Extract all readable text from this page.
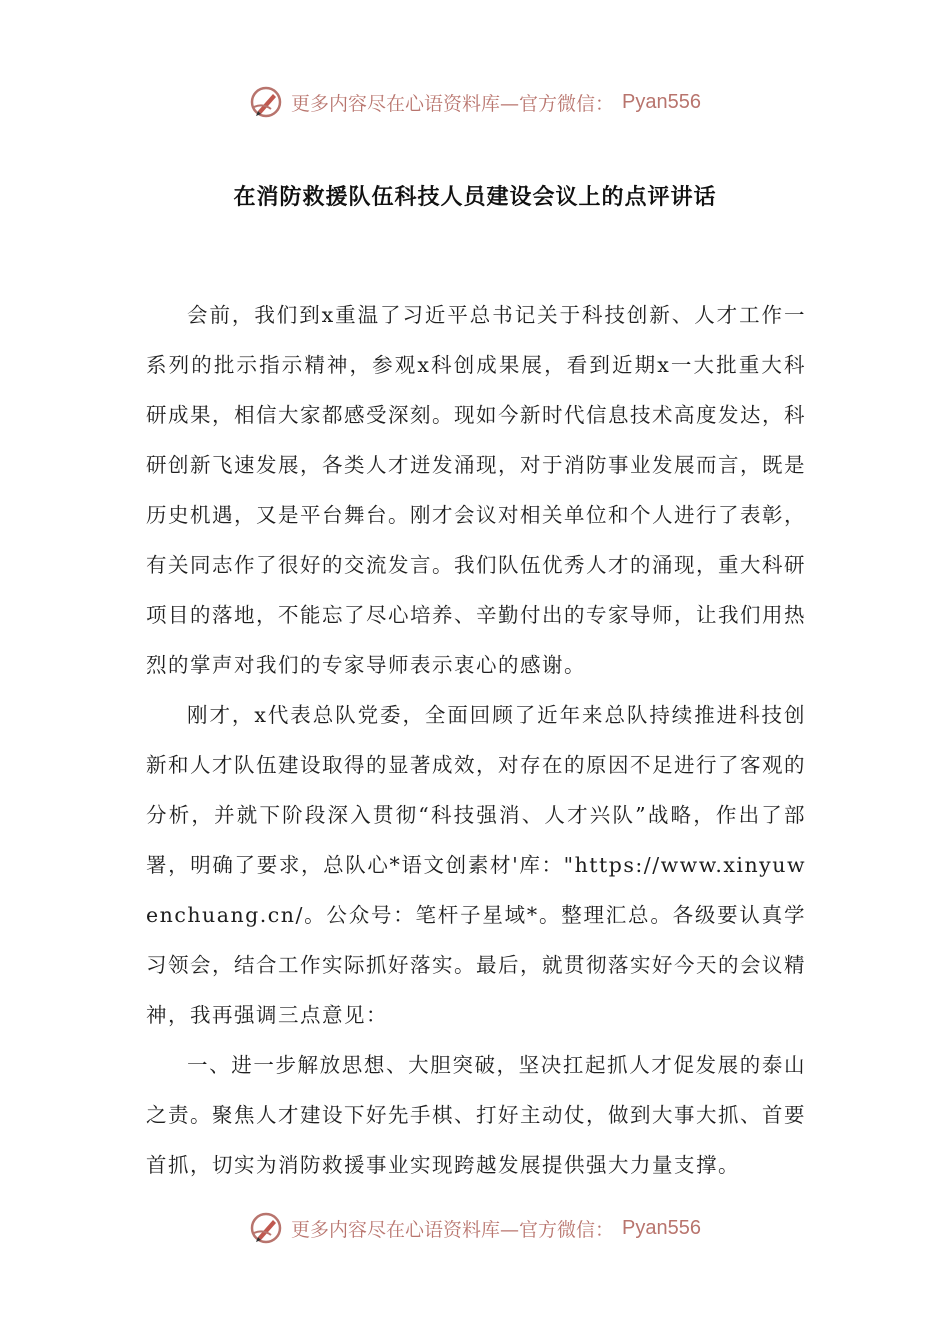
更多内容尽在心语资料库—官方微信： Pyan556
在消防救援队伍科技人员建设会议上的点评讲话

会前，我们到x重温了习近平总书记关于科技创新、人才工作一系列的批示指示精神，参观x科创成果展，看到近期x一大批重大科研成果，相信大家都感受深刻。现如今新时代信息技术高度发达，科研创新飞速发展，各类人才迸发涌现，对于消防事业发展而言，既是历史机遇，又是平台舞台。刚才会议对相关单位和个人进行了表彰，有关同志作了很好的交流发言。我们队伍优秀人才的涌现，重大科研项目的落地，不能忘了尽心培养、辛勤付出的专家导师，让我们用热烈的掌声对我们的专家导师表示衷心的感谢。

刚才，x代表总队党委，全面回顾了近年来总队持续推进科技创新和人才队伍建设取得的显著成效，对存在的原因不足进行了客观的分析，并就下阶段深入贯彻“科技强消、人才兴队”战略，作出了部署，明确了要求，总队心*语文创素材'库："https://www.xinyuwenchuang.cn/。公众号：笔杆子星域*。整理汇总。各级要认真学习领会，结合工作实际抓好落实。最后，就贯彻落实好今天的会议精神，我再强调三点意见：

一、进一步解放思想、大胆突破，坚决扛起抓人才促发展的泰山之责。聚焦人才建设下好先手棋、打好主动仗，做到大事大抓、首要首抓，切实为消防救援事业实现跨越发展提供强大力量支撑。

更多内容尽在心语资料库—官方微信： Pyan556
